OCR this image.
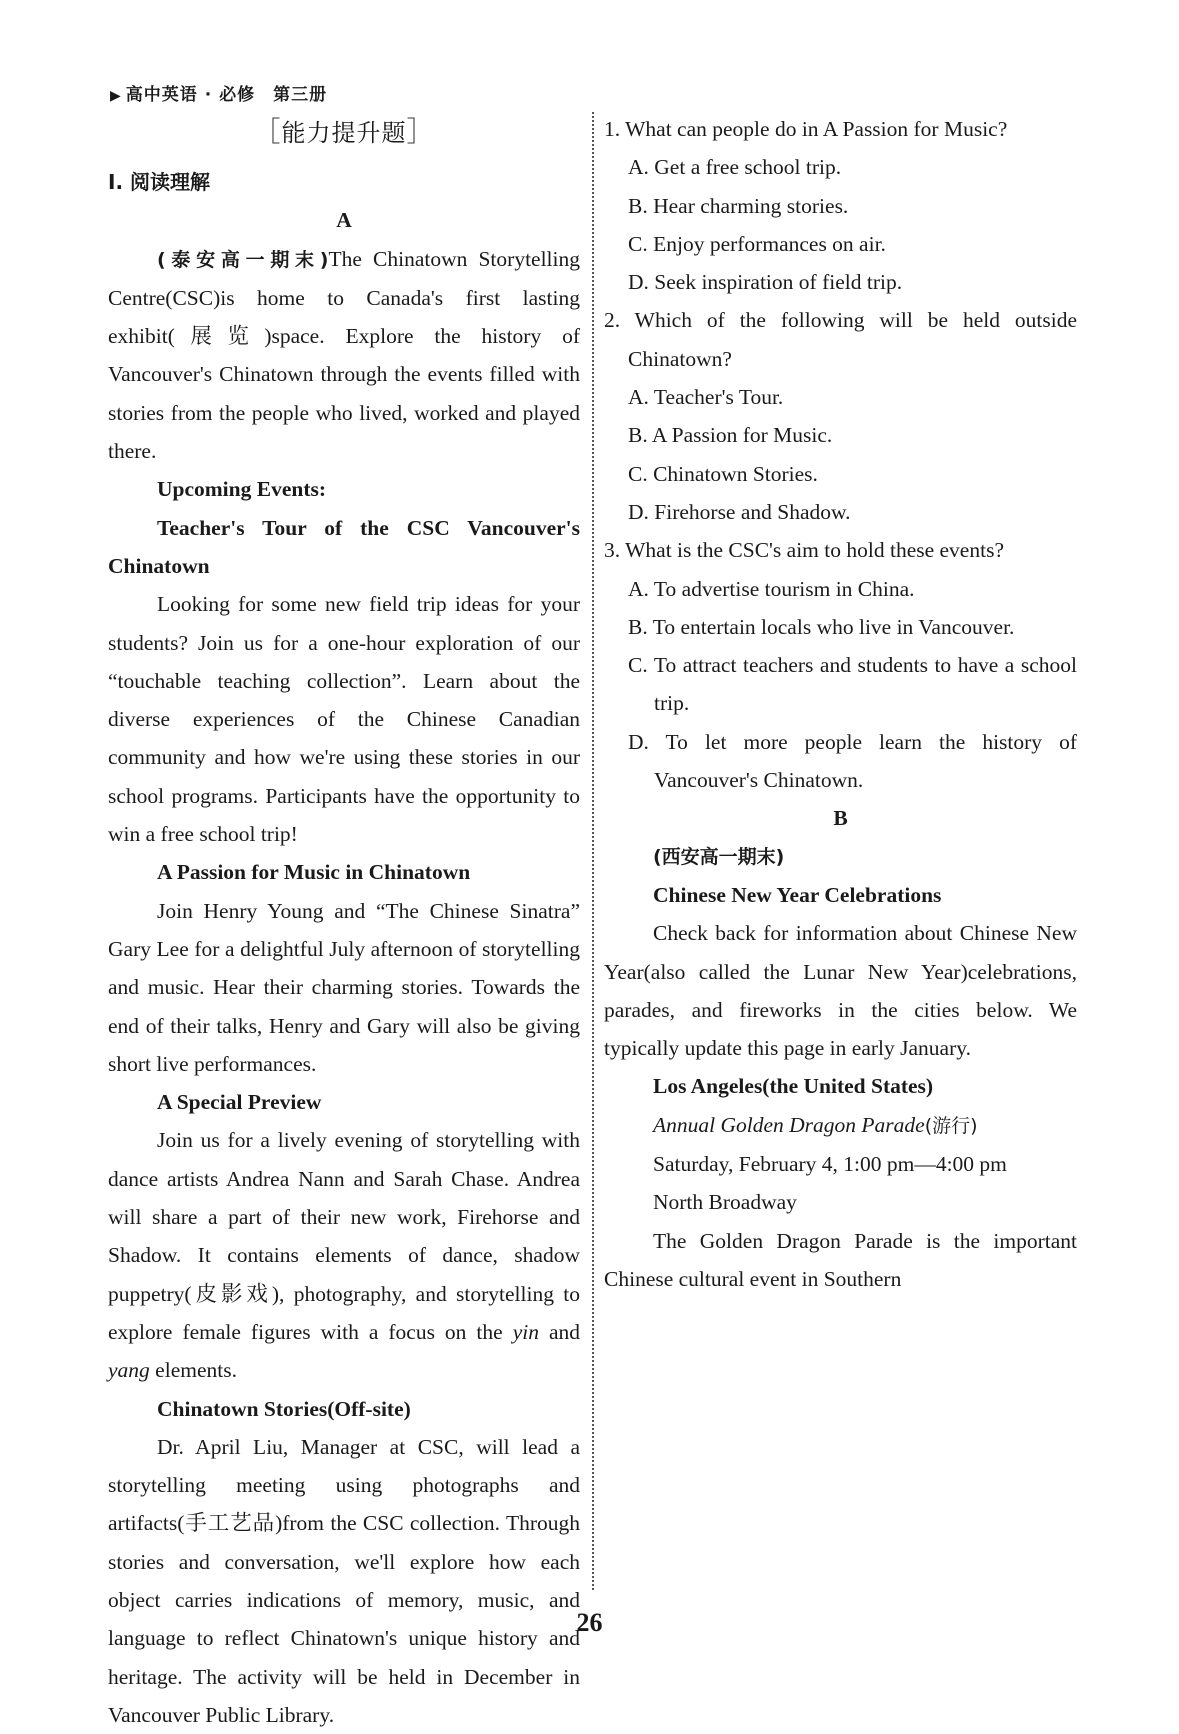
▶ 高中英语 · 必修　第三册
［能力提升题］

Ⅰ. 阅读理解

A

(泰安高一期末)The Chinatown Storytelling Centre(CSC)is home to Canada's first lasting exhibit(展览)space. Explore the history of Vancouver's Chinatown through the events filled with stories from the people who lived, worked and played there.

Upcoming Events:

Teacher's Tour of the CSC Vancouver's Chinatown

Looking for some new field trip ideas for your students? Join us for a one-hour exploration of our “touchable teaching collection”. Learn about the diverse experiences of the Chinese Canadian community and how we're using these stories in our school programs. Participants have the opportunity to win a free school trip!

A Passion for Music in Chinatown

Join Henry Young and “The Chinese Sinatra” Gary Lee for a delightful July afternoon of storytelling and music. Hear their charming stories. Towards the end of their talks, Henry and Gary will also be giving short live performances.

A Special Preview

Join us for a lively evening of storytelling with dance artists Andrea Nann and Sarah Chase. Andrea will share a part of their new work, Firehorse and Shadow. It contains elements of dance, shadow puppetry(皮影戏), photography, and storytelling to explore female figures with a focus on the yin and yang elements.

Chinatown Stories(Off-site)

Dr. April Liu, Manager at CSC, will lead a storytelling meeting using photographs and artifacts(手工艺品)from the CSC collection. Through stories and conversation, we'll explore how each object carries indications of memory, music, and language to reflect Chinatown's unique history and heritage. The activity will be held in December in Vancouver Public Library.

1. What can people do in A Passion for Music?

A. Get a free school trip.

B. Hear charming stories.

C. Enjoy performances on air.

D. Seek inspiration of field trip.

2. Which of the following will be held outside Chinatown?

A. Teacher's Tour.

B. A Passion for Music.

C. Chinatown Stories.

D. Firehorse and Shadow.

3. What is the CSC's aim to hold these events?

A. To advertise tourism in China.

B. To entertain locals who live in Vancouver.

C. To attract teachers and students to have a school trip.

D. To let more people learn the history of Vancouver's Chinatown.

B

(西安高一期末)

Chinese New Year Celebrations

Check back for information about Chinese New Year(also called the Lunar New Year)celebrations, parades, and fireworks in the cities below. We typically update this page in early January.

Los Angeles(the United States)

Annual Golden Dragon Parade(游行)

Saturday, February 4, 1:00 pm—4:00 pm

North Broadway

The Golden Dragon Parade is the important Chinese cultural event in Southern

26
